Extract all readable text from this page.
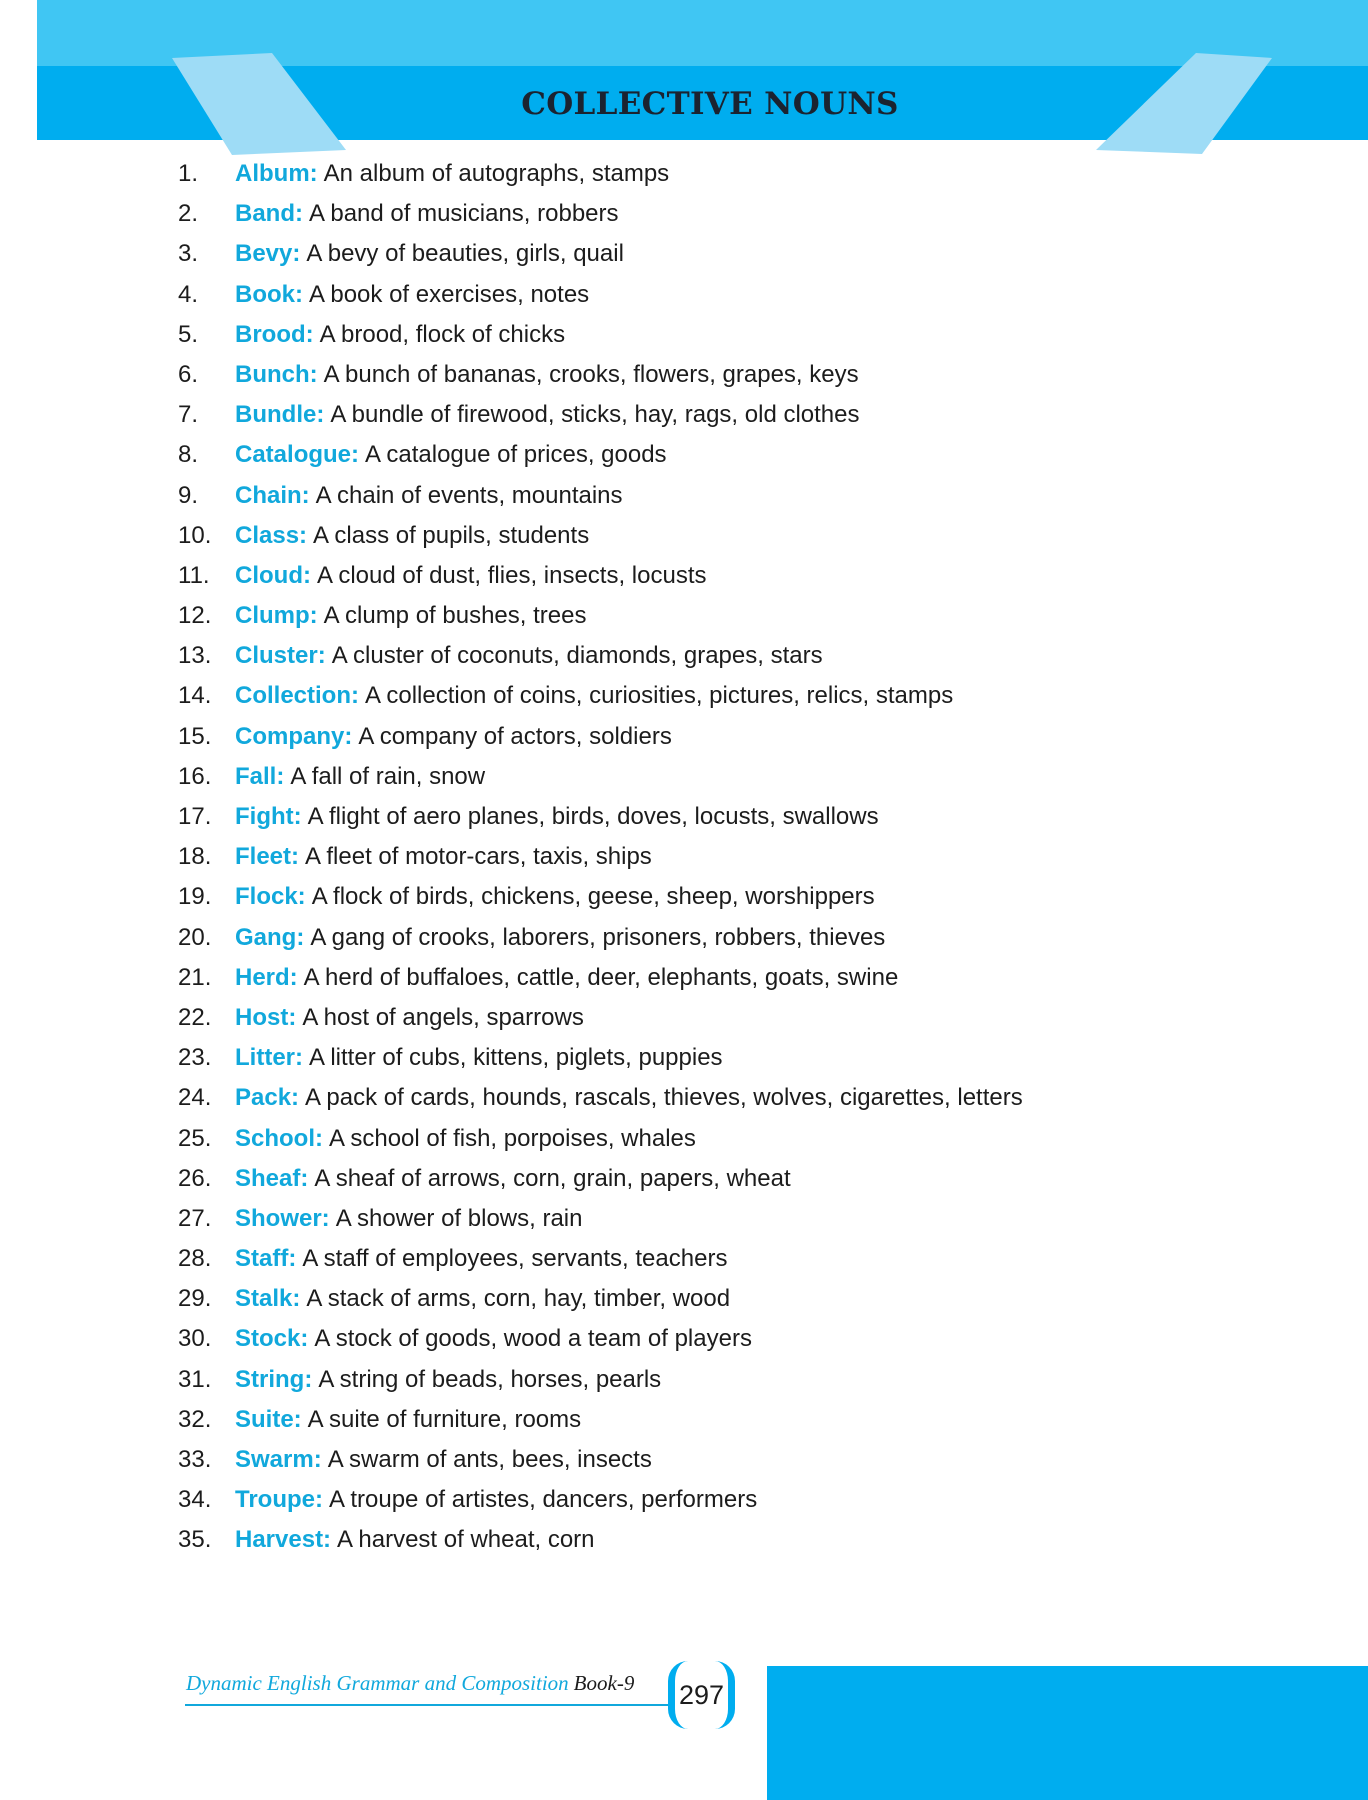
COLLECTIVE NOUNS
1.	Album: An album of autographs, stamps
2.	Band: A band of musicians, robbers
3.	Bevy: A bevy of beauties, girls, quail
4.	Book: A book of exercises, notes
5.	Brood: A brood, flock of chicks
6.	Bunch: A bunch of bananas, crooks, flowers, grapes, keys
7.	Bundle: A bundle of firewood, sticks, hay, rags, old clothes
8.	Catalogue: A catalogue of prices, goods
9.	Chain: A chain of events, mountains
10. Class: A class of pupils, students
11.	Cloud: A cloud of dust, flies, insects, locusts
12. Clump: A clump of bushes, trees
13. Cluster: A cluster of coconuts, diamonds, grapes, stars
14. Collection: A collection of coins, curiosities, pictures, relics, stamps
15. Company: A company of actors, soldiers
16. Fall: A fall of rain, snow
17. Fight: A flight of aero planes, birds, doves, locusts, swallows
18. Fleet: A fleet of motor-cars, taxis, ships
19. Flock: A flock of birds, chickens, geese, sheep, worshippers
20. Gang: A gang of crooks, laborers, prisoners, robbers, thieves
21. Herd: A herd of buffaloes, cattle, deer, elephants, goats, swine
22. Host: A host of angels, sparrows
23. Litter: A litter of cubs, kittens, piglets, puppies
24. Pack: A pack of cards, hounds, rascals, thieves, wolves, cigarettes, letters
25. School: A school of fish, porpoises, whales
26. Sheaf: A sheaf of arrows, corn, grain, papers, wheat
27. Shower: A shower of blows, rain
28. Staff: A staff of employees, servants, teachers
29. Stalk: A stack of arms, corn, hay, timber, wood
30. Stock: A stock of goods, wood a team of players
31. String: A string of beads, horses, pearls
32. Suite: A suite of furniture, rooms
33. Swarm: A swarm of ants, bees, insects
34. Troupe: A troupe of artistes, dancers, performers
35. Harvest: A harvest of wheat, corn

Dynamic English Grammar and Composition Book-9	297
